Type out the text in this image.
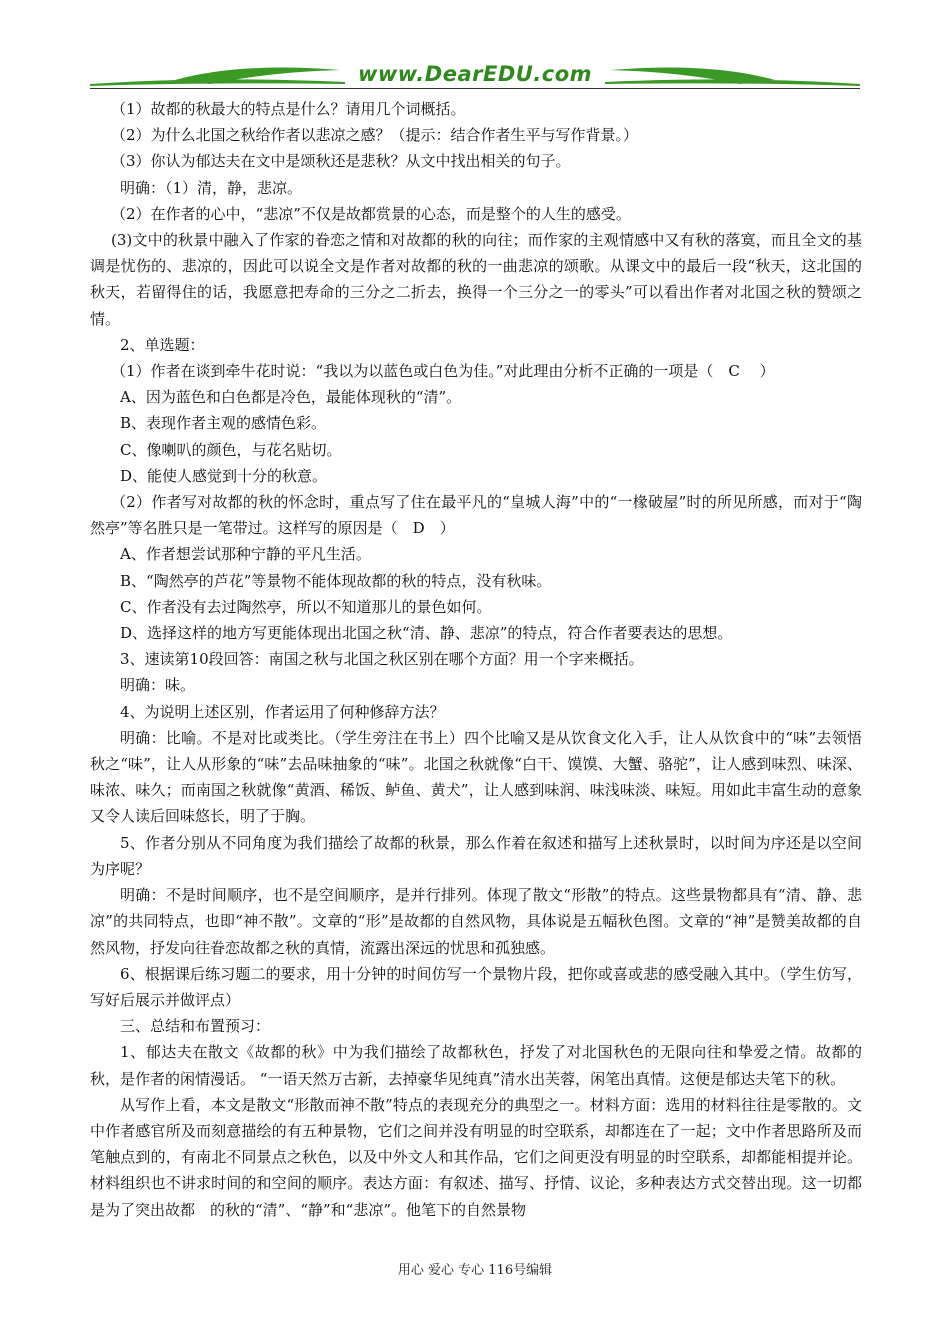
www.DearEDU.com

（1）故都的秋最大的特点是什么？请用几个词概括。

（2）为什么北国之秋给作者以悲凉之感？（提示：结合作者生平与写作背景。）

（3）你认为郁达夫在文中是颂秋还是悲秋？从文中找出相关的句子。

明确：（1）清，静，悲凉。

（2）在作者的心中，“悲凉”不仅是故都赏景的心态，而是整个的人生的感受。

(3)文中的秋景中融入了作家的眷恋之情和对故都的秋的向往；而作家的主观情感中又有秋的落寞，而且全文的基调是忧伤的、悲凉的，因此可以说全文是作者对故都的秋的一曲悲凉的颂歌。从课文中的最后一段“秋天，这北国的秋天，若留得住的话，我愿意把寿命的三分之二折去，换得一个三分之一的零头”可以看出作者对北国之秋的赞颂之情。

2、单选题：

（1）作者在谈到牵牛花时说：“我以为以蓝色或白色为佳。”对此理由分析不正确的一项是（　C　 ）

A、因为蓝色和白色都是冷色，最能体现秋的“清”。

B、表现作者主观的感情色彩。

C、像喇叭的颜色，与花名贴切。

D、能使人感觉到十分的秋意。

（2）作者写对故都的秋的怀念时，重点写了住在最平凡的“皇城人海”中的“一椽破屋”时的所见所感，而对于“陶然亭”等名胜只是一笔带过。这样写的原因是（　D　）

A、作者想尝试那种宁静的平凡生活。

B、“陶然亭的芦花”等景物不能体现故都的秋的特点，没有秋味。

C、作者没有去过陶然亭，所以不知道那儿的景色如何。

D、选择这样的地方写更能体现出北国之秋“清、静、悲凉”的特点，符合作者要表达的思想。

3、速读第10段回答：南国之秋与北国之秋区别在哪个方面？用一个字来概括。

明确：味。

4、为说明上述区别，作者运用了何种修辞方法？

明确：比喻。不是对比或类比。（学生旁注在书上）四个比喻又是从饮食文化入手，让人从饮食中的“味”去领悟秋之“味”，让人从形象的“味”去品味抽象的“味”。北国之秋就像“白干、馍馍、大蟹、骆驼”，让人感到味烈、味深、味浓、味久；而南国之秋就像“黄酒、稀饭、鲈鱼、黄犬”，让人感到味润、味浅味淡、味短。用如此丰富生动的意象又令人读后回味悠长，明了于胸。

5、作者分别从不同角度为我们描绘了故都的秋景，那么作着在叙述和描写上述秋景时，以时间为序还是以空间为序呢？

明确：不是时间顺序，也不是空间顺序，是并行排列。体现了散文“形散”的特点。这些景物都具有“清、静、悲凉”的共同特点，也即“神不散”。文章的“形”是故都的自然风物，具体说是五幅秋色图。文章的“神”是赞美故都的自然风物，抒发向往眷恋故都之秋的真情，流露出深远的忧思和孤独感。

6、根据课后练习题二的要求，用十分钟的时间仿写一个景物片段，把你或喜或悲的感受融入其中。（学生仿写，写好后展示并做评点）

三、总结和布置预习：

1、郁达夫在散文《故都的秋》中为我们描绘了故都秋色，抒发了对北国秋色的无限向往和挚爱之情。故都的秋，是作者的闲情漫话。 “一语天然万古新，去掉豪华见纯真”清水出芙蓉，闲笔出真情。这便是郁达夫笔下的秋。

从写作上看，本文是散文“形散而神不散”特点的表现充分的典型之一。材料方面：选用的材料往往是零散的。文中作者感官所及而刻意描绘的有五种景物，它们之间并没有明显的时空联系，却都连在了一起；文中作者思路所及而笔触点到的，有南北不同景点之秋色，以及中外文人和其作品，它们之间更没有明显的时空联系，却都能相提并论。材料组织也不讲求时间的和空间的顺序。表达方面：有叙述、描写、抒情、议论，多种表达方式交替出现。这一切都是为了突出故都　的秋的“清”、“静”和“悲凉”。他笔下的自然景物

用心 爱心 专心 116号编辑
